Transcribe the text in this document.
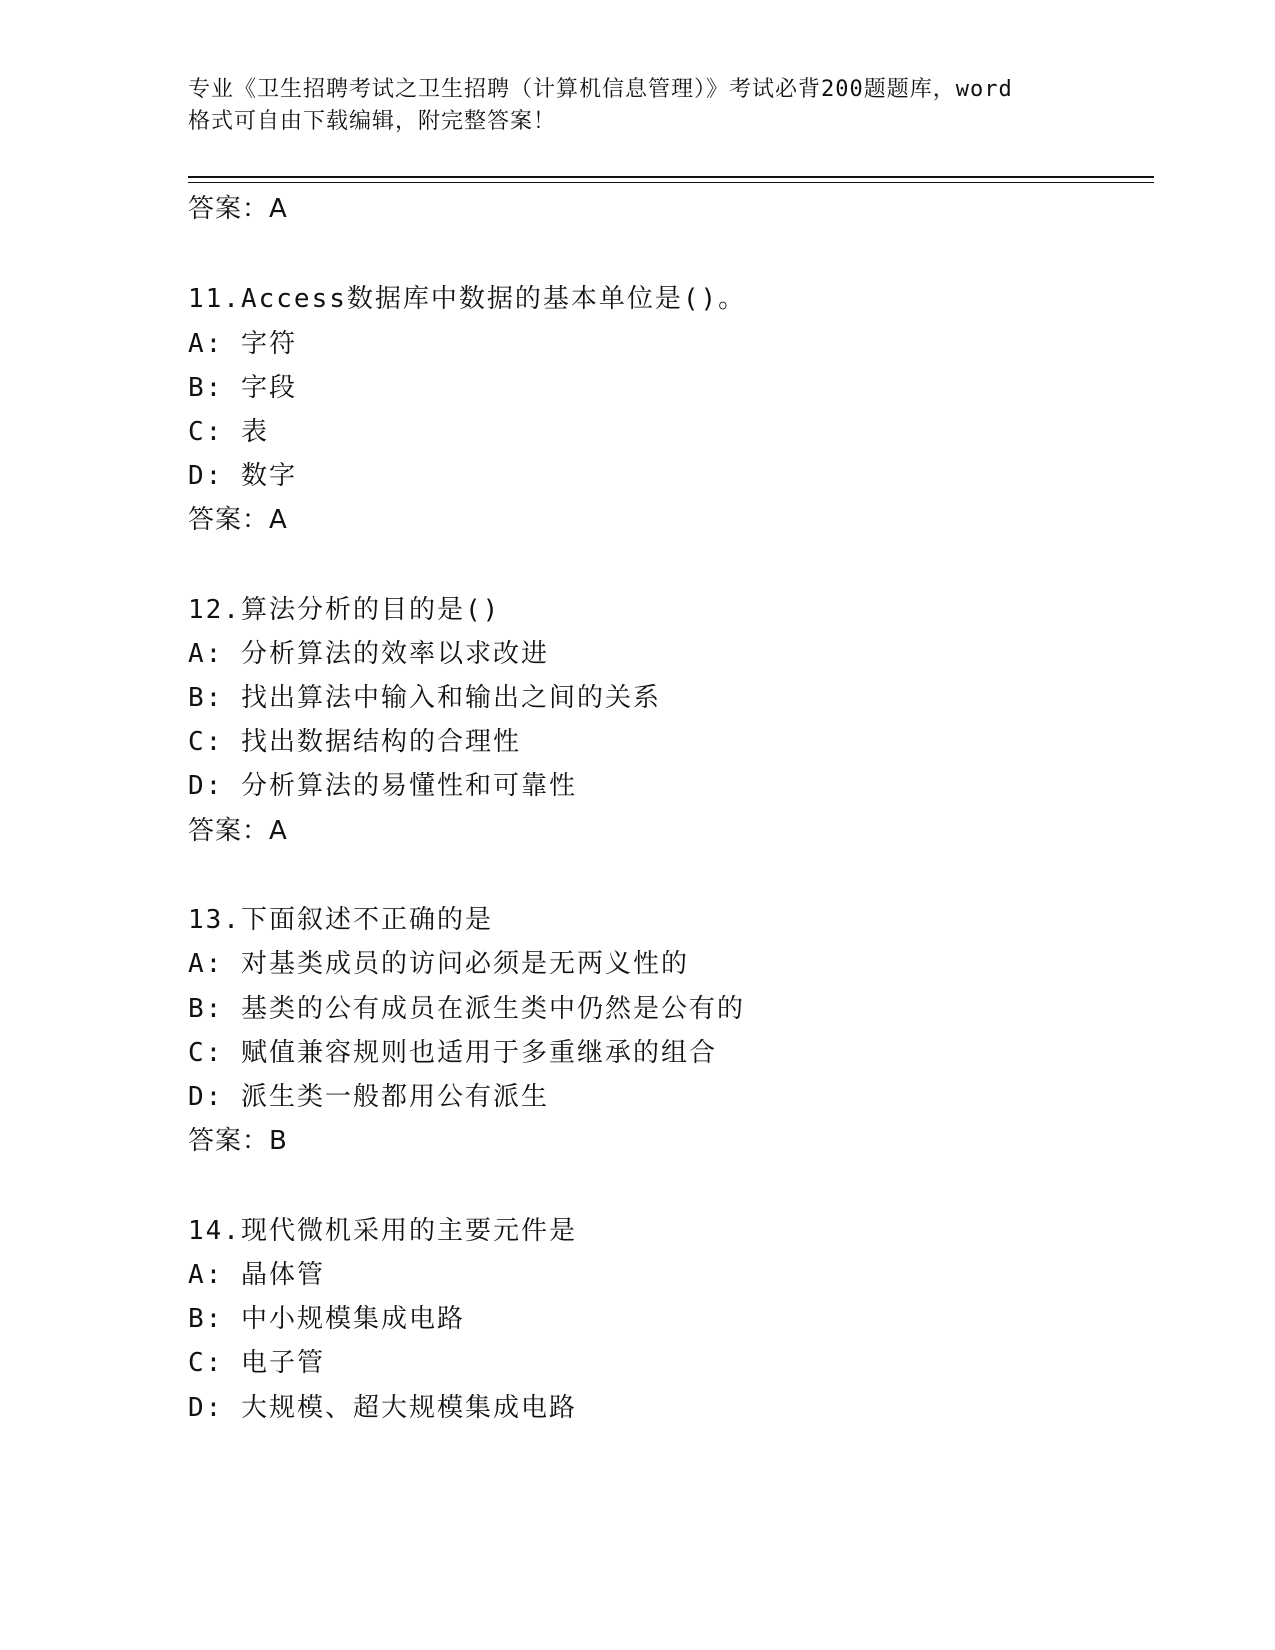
专业《卫生招聘考试之卫生招聘（计算机信息管理）》考试必背200题题库，word
格式可自由下载编辑，附完整答案！
答案：A
11.Access数据库中数据的基本单位是()。
A: 字符
B: 字段
C: 表
D: 数字
答案：A
12.算法分析的目的是()
A: 分析算法的效率以求改进
B: 找出算法中输入和输出之间的关系
C: 找出数据结构的合理性
D: 分析算法的易懂性和可靠性
答案：A
13.下面叙述不正确的是
A: 对基类成员的访问必须是无两义性的
B: 基类的公有成员在派生类中仍然是公有的
C: 赋值兼容规则也适用于多重继承的组合
D: 派生类一般都用公有派生
答案：B
14.现代微机采用的主要元件是
A: 晶体管
B: 中小规模集成电路
C: 电子管
D: 大规模、超大规模集成电路
